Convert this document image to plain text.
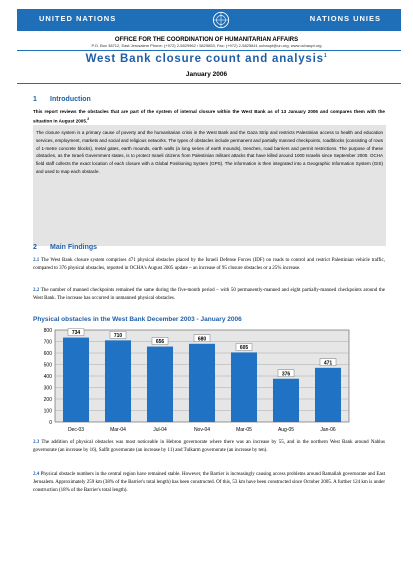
UNITED NATIONS	NATIONS UNIES
OFFICE FOR THE COORDINATION OF HUMANITARIAN AFFAIRS
P.O. Box 38712, East Jerusalem Phone: (+972) 2-5829962 / 5825853, Fax: (+972) 2-5825841 ochaopt@un.org, www.ochaopt.org
West Bank closure count and analysis$^1$
January 2006
1 Introduction

This report reviews the obstacles that are part of the system of internal closure within the West Bank as of 13 January 2006 and compares them with the situation in August 2005.$^2$

The closure system is a primary cause of poverty and the humanitarian crisis in the West Bank and the Gaza Strip and restricts Palestinian access to health and education services, employment, markets and social and religious networks. The types of obstacles include permanent and partially manned checkpoints, roadblocks (consisting of rows of 1-metre concrete blocks), metal gates, earth mounds, earth walls (a long series of earth mounds), trenches, road barriers and permit restrictions. The purpose of these obstacles, as the Israeli Government states, is to protect Israeli citizens from Palestinian militant attacks that have killed around 1000 Israelis since September 2000. OCHA field staff collects the exact location of each closure with a Global Positioning System (GPS). The information is then integrated into a Geographic Information System (GIS) and used to map each obstacle.
2 Main Findings

2.1 The West Bank closure system comprises 471 physical obstacles placed by the Israeli Defense Forces (IDF) on roads to control and restrict Palestinian vehicle traffic, compared to 376 physical obstacles, reported in OCHA's August 2005 update – an increase of 95 closure obstacles or a 25% increase.

2.3 The addition of physical obstacles was most noticeable in Hebron governorate where there was an increase by 55, and in the northern West Bank around Nablus governorate (an increase by 16), Salfit governorate (an increase by 11) and Tulkarm governorate (an increase by ten).

2.4 Physical obstacle numbers in the central region have remained stable. However, the Barrier is increasingly causing access problems around Ramallah governorate and East Jerusalem. Approximately 259 km (38% of the Barrier's total length) has been constructed. Of this, 53 km have been constructed since October 2005. A further 124 km is under construction (18% of the Barrier's total length).

Physical obstacles in the West Bank December 2003 - January 2006
0
100
200
300
400
500
600
700
800	734
Dec-03
710
Mar-04
656
Jul-04
680
Nov-04
605
Mar-05
376
Aug-05
471
Jan-06

2.2 The number of manned checkpoints remained the same during the five-month period – with 50 permanently-manned and eight partially-manned checkpoints around the West Bank. The increase has occurred in unmanned physical obstacles.
